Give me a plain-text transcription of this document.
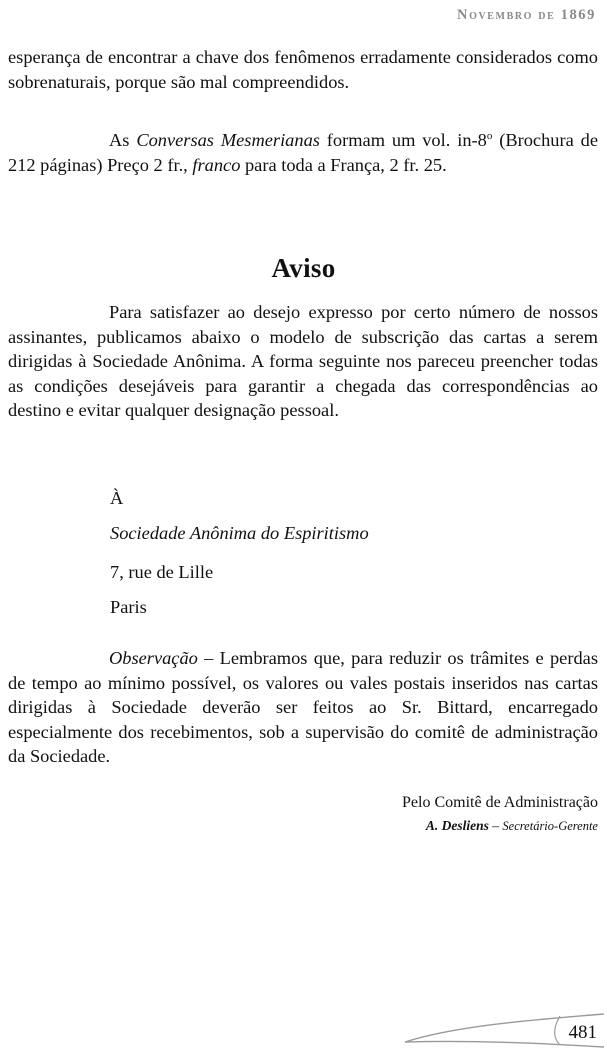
Novembro de 1869
esperança de encontrar a chave dos fenômenos erradamente considerados como sobrenaturais, porque são mal compreendidos.
As Conversas Mesmerianas formam um vol. in-8$^o$ (Brochura de 212 páginas) Preço 2 fr., franco para toda a França, 2 fr. 25.
Aviso
Para satisfazer ao desejo expresso por certo número de nossos assinantes, publicamos abaixo o modelo de subscrição das cartas a serem dirigidas à Sociedade Anônima. A forma seguinte nos pareceu preencher todas as condições desejáveis para garantir a chegada das correspondências ao destino e evitar qualquer designação pessoal.
À
Sociedade Anônima do Espiritismo
7, rue de Lille
Paris
Observação – Lembramos que, para reduzir os trâmites e perdas de tempo ao mínimo possível, os valores ou vales postais inseridos nas cartas dirigidas à Sociedade deverão ser feitos ao Sr. Bittard, encarregado especialmente dos recebimentos, sob a supervisão do comitê de administração da Sociedade.
Pelo Comitê de Administração
A. Desliens – Secretário-Gerente
481
